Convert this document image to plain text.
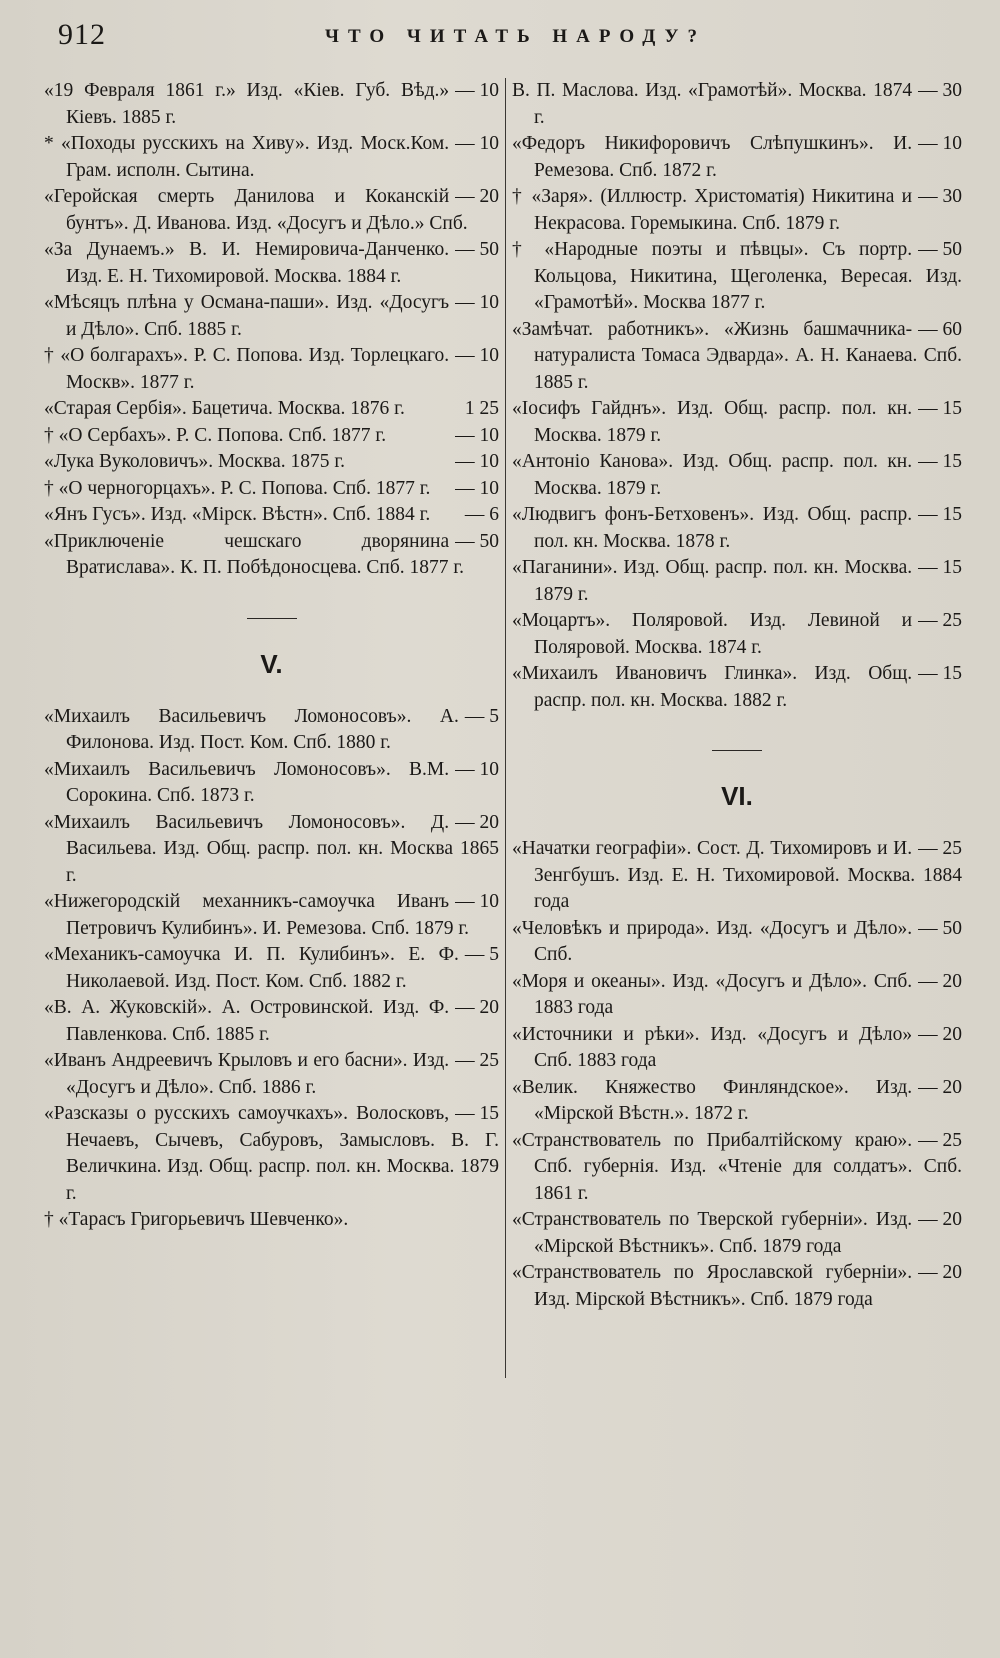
912	ЧТО ЧИТАТЬ НАРОДУ?

— 10
«19 Февраля 1861 г.» Изд. «Кіев. Губ. Вѣд.» Кіевъ. 1885 г.

— 10
* «Походы русскихъ на Хиву». Изд. Моск.Ком. Грам. исполн. Сытина.

— 20
«Геройская смерть Данилова и Коканскій бунтъ». Д. Иванова. Изд. «Досугъ и Дѣло.» Спб.

— 50
«За Дунаемъ.» В. И. Немировича-Данченко. Изд. Е. Н. Тихомировой. Москва. 1884 г.

— 10
«Мѣсяцъ плѣна у Османа-паши». Изд. «Досугъ и Дѣло». Спб. 1885 г.

— 10
† «О болгарахъ». Р. С. Попова. Изд. Торлецкаго. Москв». 1877 г.

1 25
«Старая Сербія». Бацетича. Москва. 1876 г.

— 10
† «О Сербахъ». Р. С. Попова. Спб. 1877 г.

— 10
«Лука Вуколовичъ». Москва. 1875 г.

— 10
† «О черногорцахъ». Р. С. Попова. Спб. 1877 г.

— 6
«Янъ Гусъ». Изд. «Мірск. Вѣстн». Спб. 1884 г.

— 50
«Приключеніе чешскаго дворянина Вратислава». К. П. Побѣдоносцева. Спб. 1877 г.

V.

— 5
«Михаилъ Васильевичъ Ломоносовъ». А. Филонова. Изд. Пост. Ком. Спб. 1880 г.

— 10
«Михаилъ Васильевичъ Ломоносовъ». В.М. Сорокина. Спб. 1873 г.

— 20
«Михаилъ Васильевичъ Ломоносовъ». Д. Васильева. Изд. Общ. распр. пол. кн. Москва 1865 г.

— 10
«Нижегородскій механникъ-самоучка Иванъ Петровичъ Кулибинъ». И. Ремезова. Спб. 1879 г.

— 5
«Механикъ-самоучка И. П. Кулибинъ». Е. Ф. Николаевой. Изд. Пост. Ком. Спб. 1882 г.

— 20
«В. А. Жуковскій». А. Островинской. Изд. Ф. Павленкова. Спб. 1885 г.

— 25
«Иванъ Андреевичъ Крыловъ и его басни». Изд. «Досугъ и Дѣло». Спб. 1886 г.

— 15
«Разсказы о русскихъ самоучкахъ». Волосковъ, Нечаевъ, Сычевъ, Сабуровъ, Замысловъ. В. Г. Величкина. Изд. Общ. распр. пол. кн. Москва. 1879 г.

† «Тарасъ Григорьевичъ Шевченко».

— 30
В. П. Маслова. Изд. «Грамотѣй». Москва. 1874 г.

— 10
«Федоръ Никифоровичъ Слѣпушкинъ». И. Ремезова. Спб. 1872 г.

— 30
† «Заря». (Иллюстр. Христоматія) Никитина и Некрасова. Горемыкина. Спб. 1879 г.

— 50
† «Народные поэты и пѣвцы». Съ портр. Кольцова, Никитина, Щеголенка, Вересая. Изд. «Грамотѣй». Москва 1877 г.

— 60
«Замѣчат. работникъ». «Жизнь башмачника-натуралиста Томаса Эдварда». А. Н. Канаева. Спб. 1885 г.

— 15
«Іосифъ Гайднъ». Изд. Общ. распр. пол. кн. Москва. 1879 г.

— 15
«Антоніо Канова». Изд. Общ. распр. пол. кн. Москва. 1879 г.

— 15
«Людвигъ фонъ-Бетховенъ». Изд. Общ. распр. пол. кн. Москва. 1878 г.

— 15
«Паганини». Изд. Общ. распр. пол. кн. Москва. 1879 г.

— 25
«Моцартъ». Поляровой. Изд. Левиной и Поляровой. Москва. 1874 г.

— 15
«Михаилъ Ивановичъ Глинка». Изд. Общ. распр. пол. кн. Москва. 1882 г.

VI.

— 25
«Начатки географіи». Сост. Д. Тихомировъ и И. Зенгбушъ. Изд. Е. Н. Тихомировой. Москва. 1884 года

— 50
«Человѣкъ и природа». Изд. «Досугъ и Дѣло». Спб.

— 20
«Моря и океаны». Изд. «Досугъ и Дѣло». Спб. 1883 года

— 20
«Источники и рѣки». Изд. «Досугъ и Дѣло» Спб. 1883 года

— 20
«Велик. Княжество Финляндское». Изд. «Мірской Вѣстн.». 1872 г.

— 25
«Странствователь по Прибалтійскому краю». Спб. губернія. Изд. «Чтеніе для солдатъ». Спб. 1861 г.

— 20
«Странствователь по Тверской губерніи». Изд. «Мірской Вѣстникъ». Спб. 1879 года

— 20
«Странствователь по Ярославской губерніи». Изд. Мірской Вѣстникъ». Спб. 1879 года
